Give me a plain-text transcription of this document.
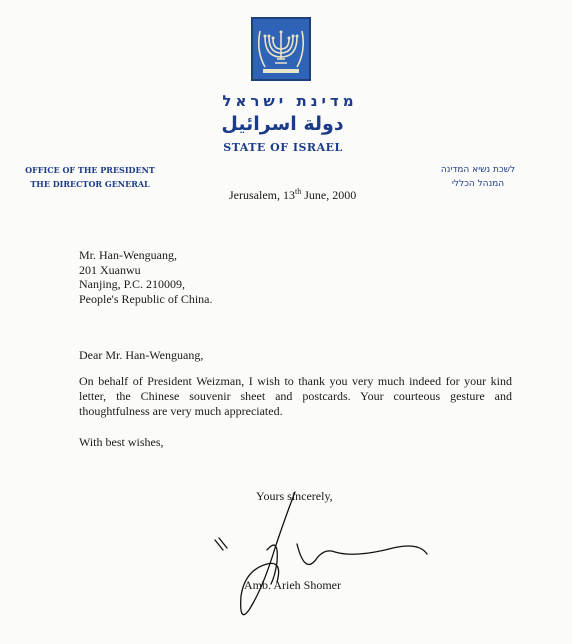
מדינת ישראל
دولة اسرائيل
STATE OF ISRAEL
OFFICE OF THE PRESIDENT
THE DIRECTOR GENERAL
לשכת נשיא המדינה
המנהל הכללי
Jerusalem, 13th June, 2000
Mr. Han-Wenguang,
201 Xuanwu
Nanjing, P.C. 210009,
People's Republic of China.
Dear Mr. Han-Wenguang,
On behalf of President Weizman, I wish to thank you very much indeed for your kind letter, the Chinese souvenir sheet and postcards. Your courteous gesture and thoughtfulness are very much appreciated.
With best wishes,
Yours sincerely,
Amb. Arieh Shomer
